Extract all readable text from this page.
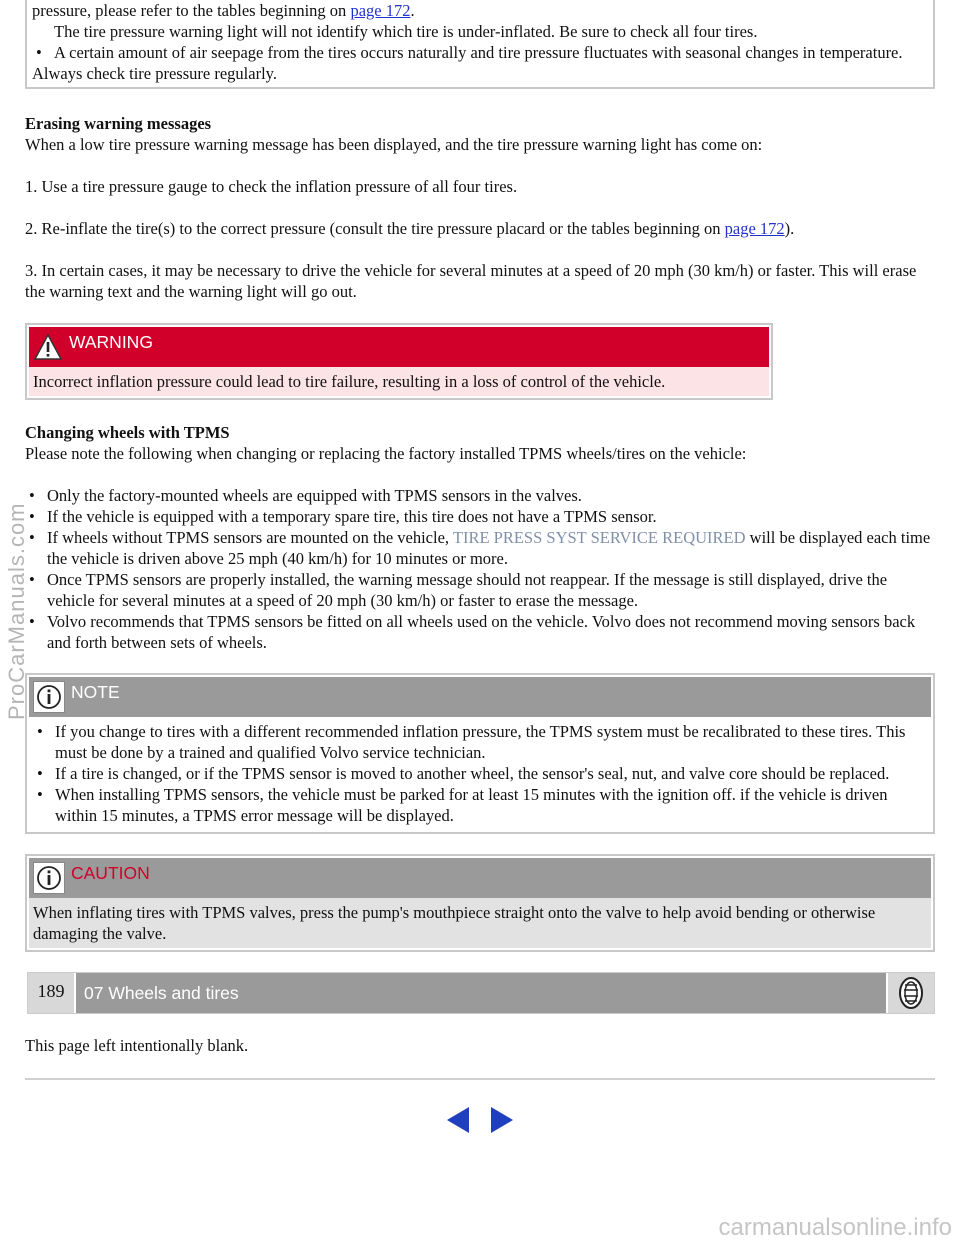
pressure, please refer to the tables beginning on page 172.

The tire pressure warning light will not identify which tire is under-inflated. Be sure to check all four tires.
• A certain amount of air seepage from the tires occurs naturally and tire pressure fluctuates with seasonal changes in temperature. Always check tire pressure regularly.
Erasing warning messages

When a low tire pressure warning message has been displayed, and the tire pressure warning light has come on:

1. Use a tire pressure gauge to check the inflation pressure of all four tires.

2. Re-inflate the tire(s) to the correct pressure (consult the tire pressure placard or the tables beginning on page 172).

3. In certain cases, it may be necessary to drive the vehicle for several minutes at a speed of 20 mph (30 km/h) or faster. This will erase the warning text and the warning light will go out.

WARNING
Incorrect inflation pressure could lead to tire failure, resulting in a loss of control of the vehicle.
Changing wheels with TPMS

Please note the following when changing or replacing the factory installed TPMS wheels/tires on the vehicle:

• Only the factory-mounted wheels are equipped with TPMS sensors in the valves.
• If the vehicle is equipped with a temporary spare tire, this tire does not have a TPMS sensor.
• If wheels without TPMS sensors are mounted on the vehicle, TIRE PRESS SYST SERVICE REQUIRED will be displayed each time the vehicle is driven above 25 mph (40 km/h) for 10 minutes or more.
• Once TPMS sensors are properly installed, the warning message should not reappear. If the message is still displayed, drive the vehicle for several minutes at a speed of 20 mph (30 km/h) or faster to erase the message.
• Volvo recommends that TPMS sensors be fitted on all wheels used on the vehicle. Volvo does not recommend moving sensors back and forth between sets of wheels.
NOTE
• If you change to tires with a different recommended inflation pressure, the TPMS system must be recalibrated to these tires. This must be done by a trained and qualified Volvo service technician.
• If a tire is changed, or if the TPMS sensor is moved to another wheel, the sensor's seal, nut, and valve core should be replaced.
• When installing TPMS sensors, the vehicle must be parked for at least 15 minutes with the ignition off. if the vehicle is driven within 15 minutes, a TPMS error message will be displayed.
CAUTION
When inflating tires with TPMS valves, press the pump's mouthpiece straight onto the valve to help avoid bending or otherwise damaging the valve.
189	07 Wheels and tires

This page left intentionally blank.

ProCarManuals.com
carmanualsonline.info
